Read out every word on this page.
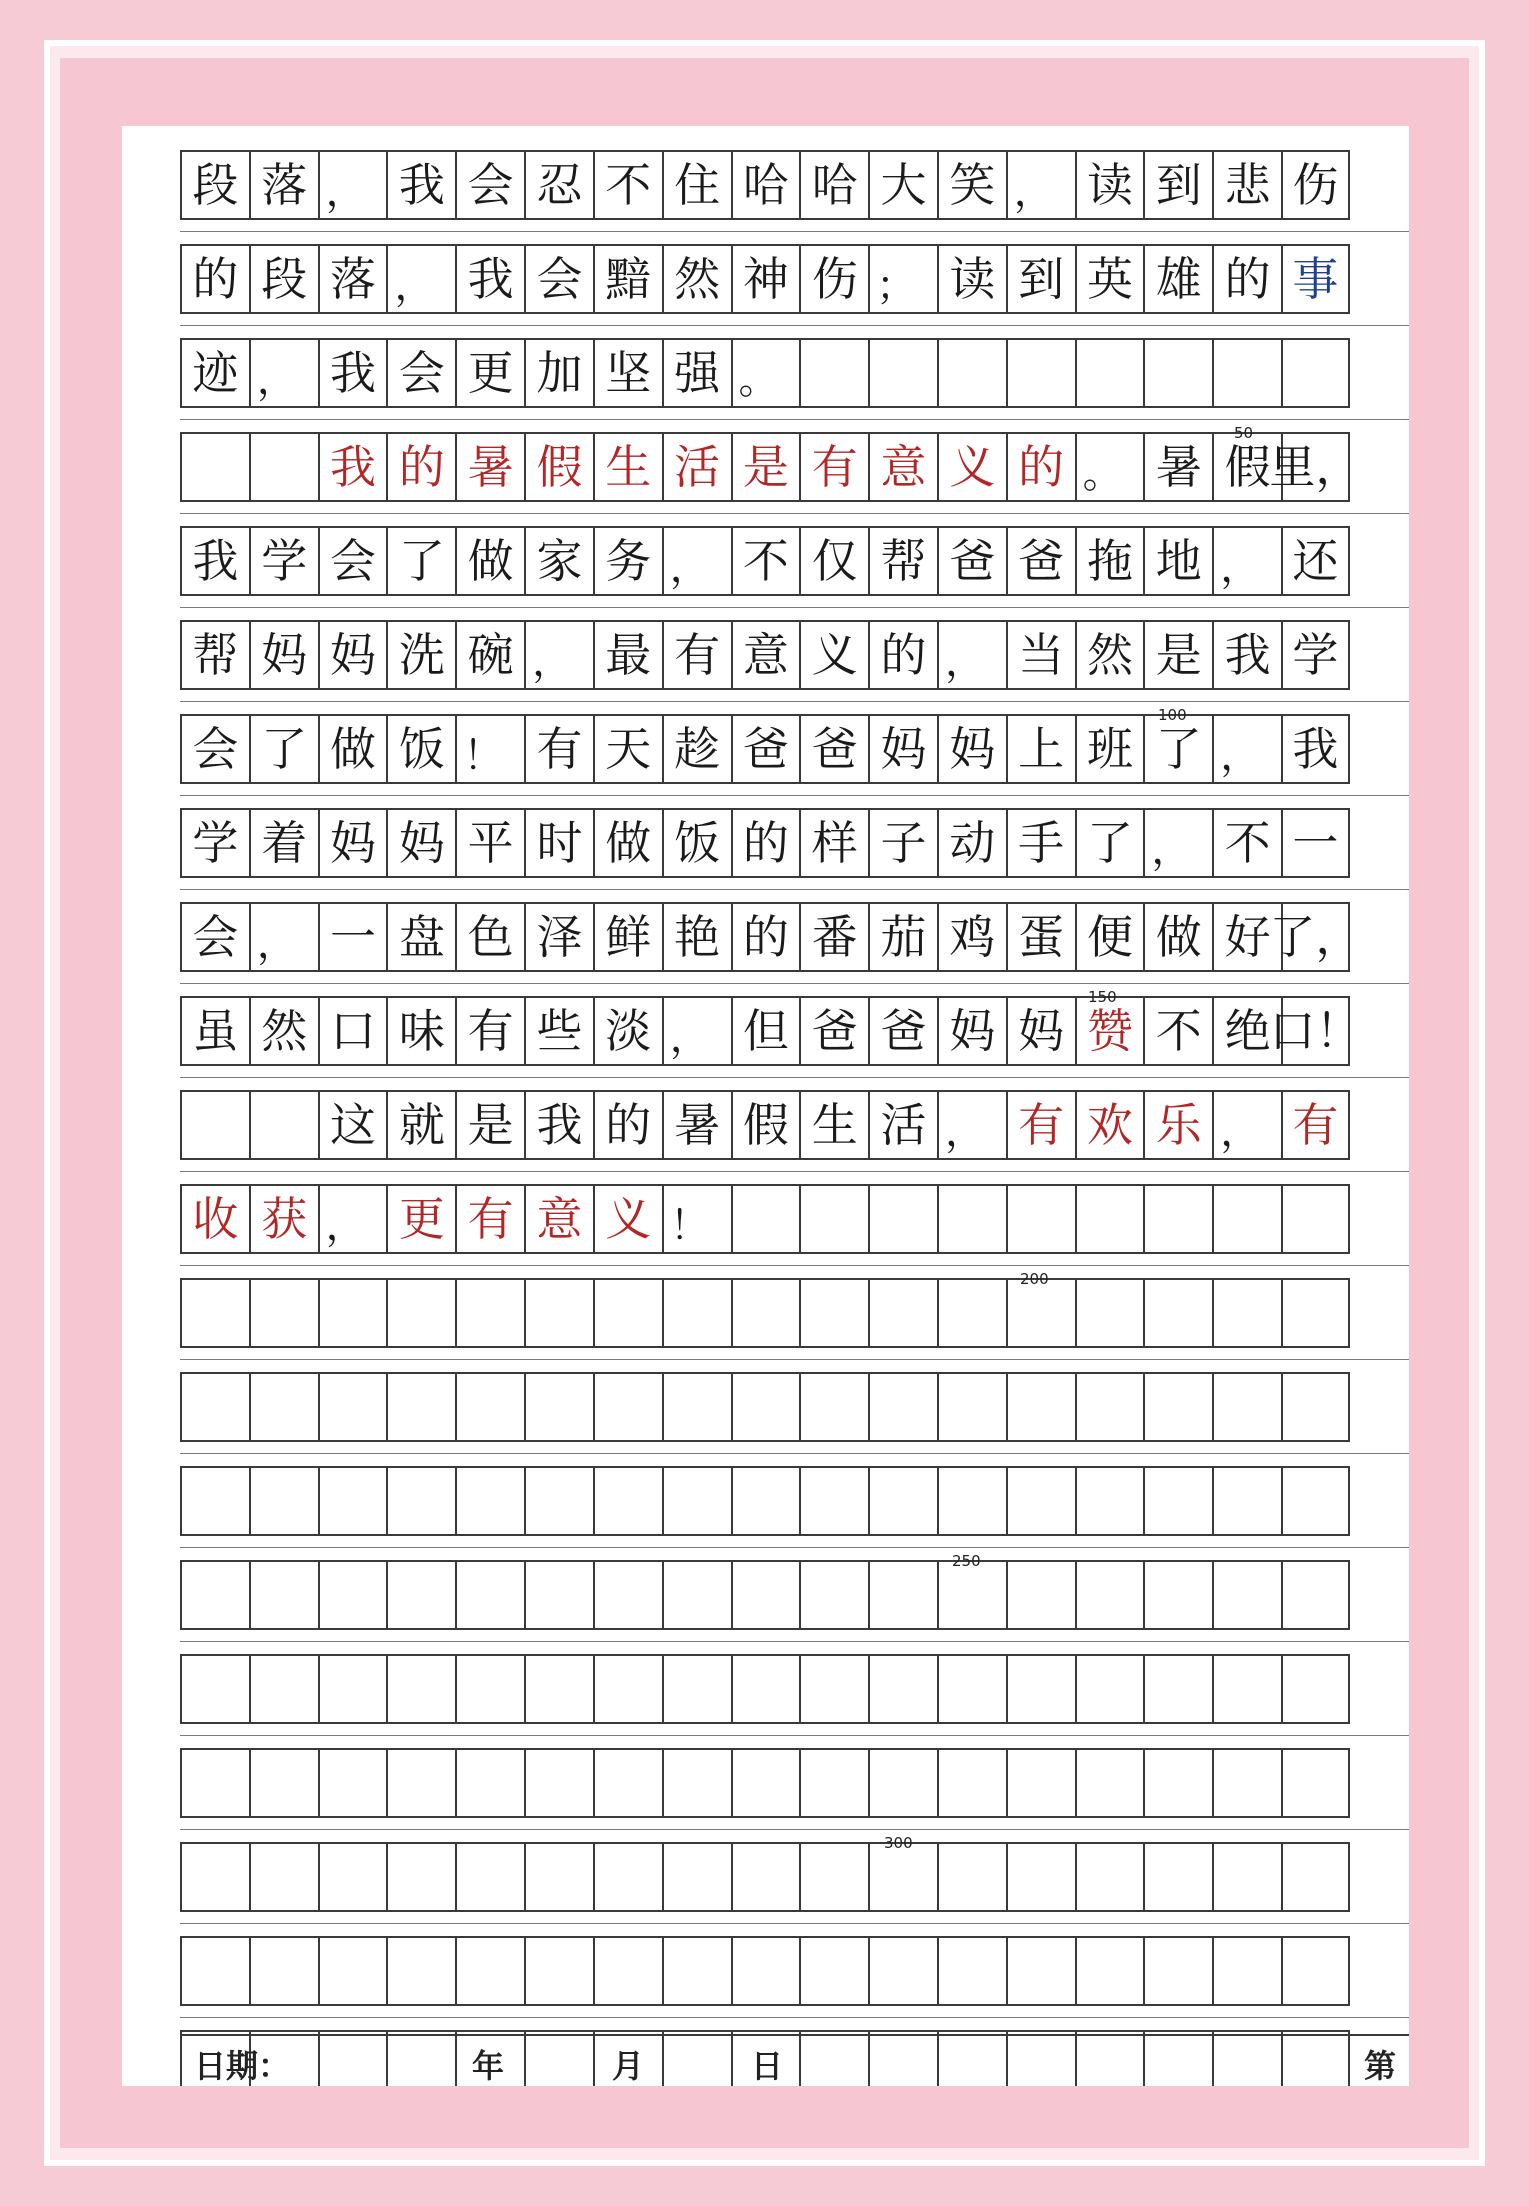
段 落 ， 我 会 忍 不 住 哈 哈 大 笑 ， 读 到 悲 伤
的 段 落 ， 我 会 黯 然 神 伤 ； 读 到 英 雄 的 事
迹 ， 我 会 更 加 坚 强 。
我 的 暑 假 生 活 是 有 意 义 的 。 暑 假
里，
我 学 会 了 做 家 务 ， 不 仅 帮 爸 爸 拖 地 ， 还
帮 妈 妈 洗 碗 ， 最 有 意 义 的 ， 当 然 是 我 学
会 了 做 饭 ！ 有 天 趁 爸 爸 妈 妈 上 班 了 ， 我
学 着 妈 妈 平 时 做 饭 的 样 子 动 手 了 ， 不 一
会 ， 一 盘 色 泽 鲜 艳 的 番 茄 鸡 蛋 便 做 好
了，
虽 然 口 味 有 些 淡 ， 但 爸 爸 妈 妈 赞 不 绝
口！
这 就 是 我 的 暑 假 生 活 ， 有 欢 乐 ， 有
收 获 ， 更 有 意 义 ！
50
100
150
200
250
300
日期：	年	月	日	第
